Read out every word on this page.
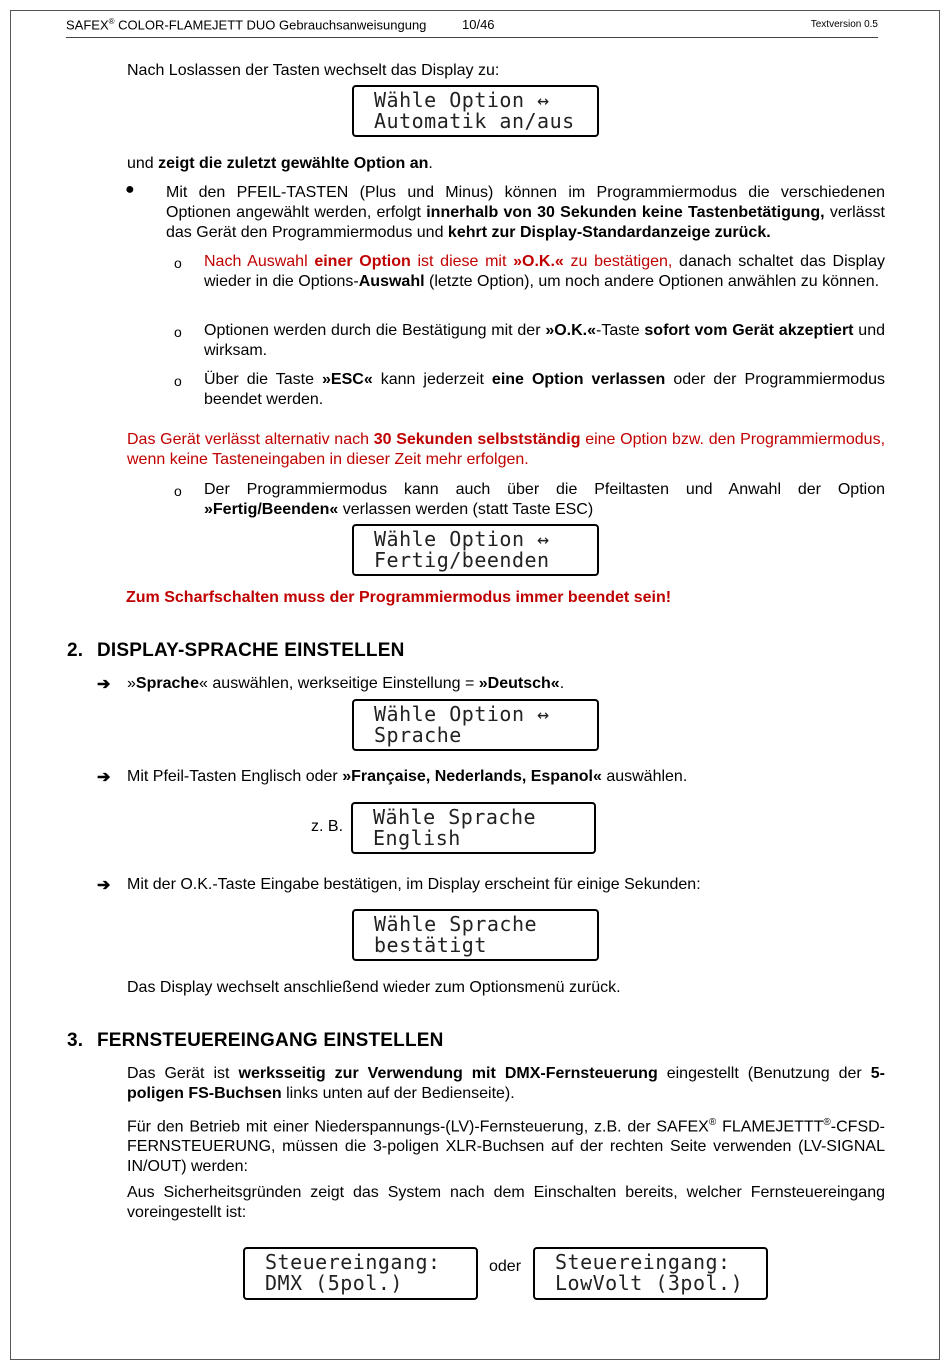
SAFEX® COLOR-FLAMEJETT DUO Gebrauchsanweisungung	10/46	Textversion 0.5
Nach Loslassen der Tasten wechselt das Display zu:
Wähle Option ↔
Automatik an/aus
und zeigt die zuletzt gewählte Option an.
● Mit den PFEIL-TASTEN (Plus und Minus) können im Programmiermodus die verschiedenen Optionen angewählt werden, erfolgt innerhalb von 30 Sekunden keine Tastenbetätigung, verlässt das Gerät den Programmiermodus und kehrt zur Display-Standardanzeige zurück.
o Nach Auswahl einer Option ist diese mit »O.K.« zu bestätigen, danach schaltet das Display wieder in die Options-Auswahl (letzte Option), um noch andere Optionen anwählen zu können.
o Optionen werden durch die Bestätigung mit der »O.K.«-Taste sofort vom Gerät akzeptiert und wirksam.
o Über die Taste »ESC« kann jederzeit eine Option verlassen oder der Programmiermodus beendet werden.
Das Gerät verlässt alternativ nach 30 Sekunden selbstständig eine Option bzw. den Programmiermodus, wenn keine Tasteneingaben in dieser Zeit mehr erfolgen.
o Der Programmiermodus kann auch über die Pfeiltasten und Anwahl der Option »Fertig/Beenden« verlassen werden (statt Taste ESC)
Wähle Option ↔
Fertig/beenden
Zum Scharfschalten muss der Programmiermodus immer beendet sein!
2. DISPLAY-SPRACHE EINSTELLEN
➔ »Sprache« auswählen, werkseitige Einstellung = »Deutsch«.
Wähle Option ↔
Sprache
➔ Mit Pfeil-Tasten Englisch oder »Française, Nederlands, Espanol« auswählen.
z. B. Wähle Sprache
English
➔ Mit der O.K.-Taste Eingabe bestätigen, im Display erscheint für einige Sekunden:
Wähle Sprache
bestätigt
Das Display wechselt anschließend wieder zum Optionsmenü zurück.
3. FERNSTEUEREINGANG EINSTELLEN
Das Gerät ist werksseitig zur Verwendung mit DMX-Fernsteuerung eingestellt (Benutzung der 5-poligen FS-Buchsen links unten auf der Bedienseite).
Für den Betrieb mit einer Niederspannungs-(LV)-Fernsteuerung, z.B. der SAFEX® FLAMEJETTT®-CFSD-FERNSTEUERUNG, müssen die 3-poligen XLR-Buchsen auf der rechten Seite verwenden (LV-SIGNAL IN/OUT) werden:
Aus Sicherheitsgründen zeigt das System nach dem Einschalten bereits, welcher Fernsteuereingang voreingestellt ist:
Steuereingang:
DMX (5pol.)
oder Steuereingang:
LowVolt (3pol.)
